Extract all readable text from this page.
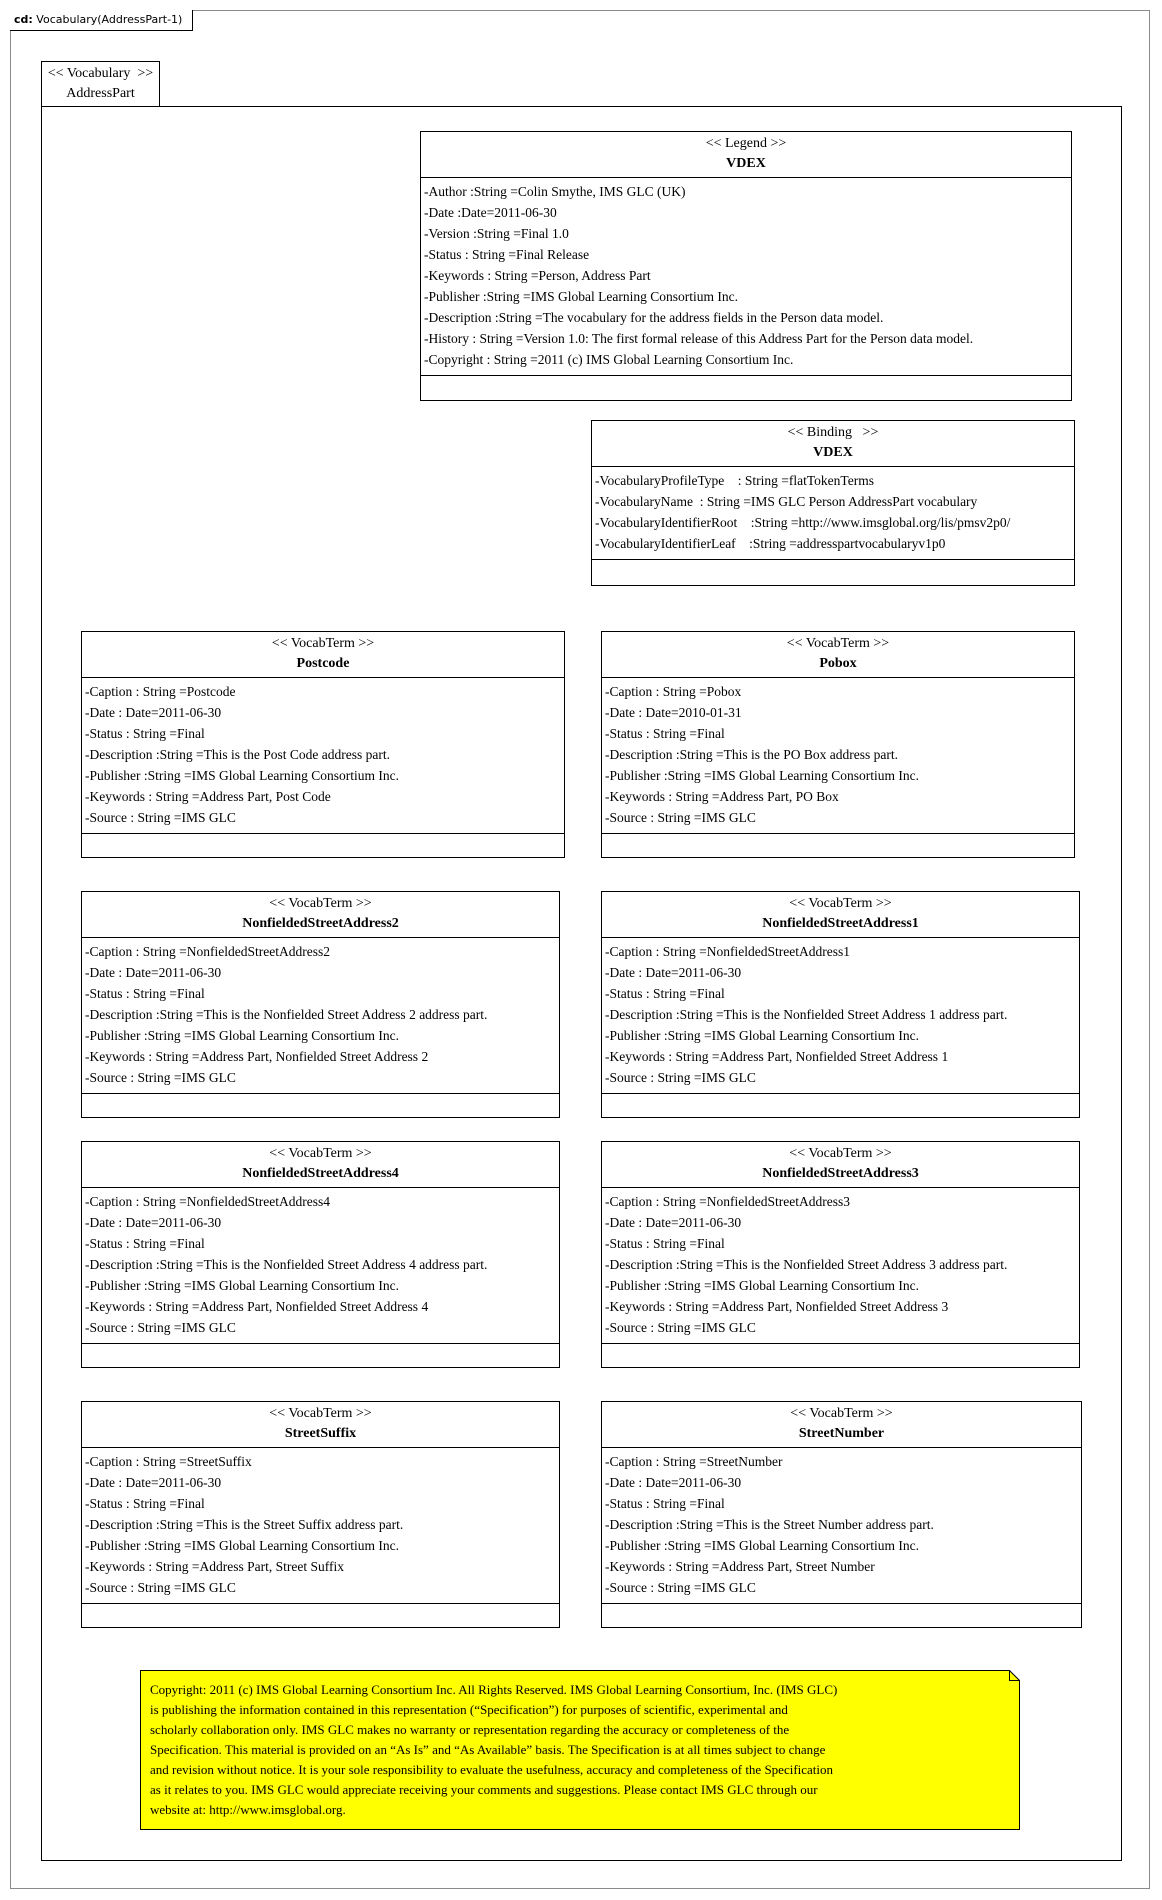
cd: Vocabulary(AddressPart-1)
<< Vocabulary  >>
AddressPart
<< Legend >>
VDEX
-Author :String =Colin Smythe, IMS GLC (UK)
-Date :Date=2011-06-30
-Version :String =Final 1.0
-Status : String =Final Release
-Keywords : String =Person, Address Part
-Publisher :String =IMS Global Learning Consortium Inc.
-Description :String =The vocabulary for the address fields in the Person data model.
-History : String =Version 1.0: The first formal release of this Address Part for the Person data model.
-Copyright : String =2011 (c) IMS Global Learning Consortium Inc.
<< Binding   >>
VDEX
-VocabularyProfileType    : String =flatTokenTerms
-VocabularyName  : String =IMS GLC Person AddressPart vocabulary
-VocabularyIdentifierRoot    :String =http://www.imsglobal.org/lis/pmsv2p0/
-VocabularyIdentifierLeaf    :String =addresspartvocabularyv1p0
<< VocabTerm >>
Postcode
-Caption : String =Postcode
-Date : Date=2011-06-30
-Status : String =Final
-Description :String =This is the Post Code address part.
-Publisher :String =IMS Global Learning Consortium Inc.
-Keywords : String =Address Part, Post Code
-Source : String =IMS GLC
<< VocabTerm >>
Pobox
-Caption : String =Pobox
-Date : Date=2010-01-31
-Status : String =Final
-Description :String =This is the PO Box address part.
-Publisher :String =IMS Global Learning Consortium Inc.
-Keywords : String =Address Part, PO Box
-Source : String =IMS GLC
<< VocabTerm >>
NonfieldedStreetAddress2
-Caption : String =NonfieldedStreetAddress2
-Date : Date=2011-06-30
-Status : String =Final
-Description :String =This is the Nonfielded Street Address 2 address part.
-Publisher :String =IMS Global Learning Consortium Inc.
-Keywords : String =Address Part, Nonfielded Street Address 2
-Source : String =IMS GLC
<< VocabTerm >>
NonfieldedStreetAddress1
-Caption : String =NonfieldedStreetAddress1
-Date : Date=2011-06-30
-Status : String =Final
-Description :String =This is the Nonfielded Street Address 1 address part.
-Publisher :String =IMS Global Learning Consortium Inc.
-Keywords : String =Address Part, Nonfielded Street Address 1
-Source : String =IMS GLC
<< VocabTerm >>
NonfieldedStreetAddress4
-Caption : String =NonfieldedStreetAddress4
-Date : Date=2011-06-30
-Status : String =Final
-Description :String =This is the Nonfielded Street Address 4 address part.
-Publisher :String =IMS Global Learning Consortium Inc.
-Keywords : String =Address Part, Nonfielded Street Address 4
-Source : String =IMS GLC
<< VocabTerm >>
NonfieldedStreetAddress3
-Caption : String =NonfieldedStreetAddress3
-Date : Date=2011-06-30
-Status : String =Final
-Description :String =This is the Nonfielded Street Address 3 address part.
-Publisher :String =IMS Global Learning Consortium Inc.
-Keywords : String =Address Part, Nonfielded Street Address 3
-Source : String =IMS GLC
<< VocabTerm >>
StreetSuffix
-Caption : String =StreetSuffix
-Date : Date=2011-06-30
-Status : String =Final
-Description :String =This is the Street Suffix address part.
-Publisher :String =IMS Global Learning Consortium Inc.
-Keywords : String =Address Part, Street Suffix
-Source : String =IMS GLC
<< VocabTerm >>
StreetNumber
-Caption : String =StreetNumber
-Date : Date=2011-06-30
-Status : String =Final
-Description :String =This is the Street Number address part.
-Publisher :String =IMS Global Learning Consortium Inc.
-Keywords : String =Address Part, Street Number
-Source : String =IMS GLC
Copyright: 2011 (c) IMS Global Learning Consortium Inc. All Rights Reserved. IMS Global Learning Consortium, Inc. (IMS GLC)
is publishing the information contained in this representation (“Specification”) for purposes of scientific, experimental and
scholarly collaboration only. IMS GLC makes no warranty or representation regarding the accuracy or completeness of the
Specification. This material is provided on an “As Is” and “As Available” basis. The Specification is at all times subject to change
and revision without notice. It is your sole responsibility to evaluate the usefulness, accuracy and completeness of the Specification
as it relates to you. IMS GLC would appreciate receiving your comments and suggestions. Please contact IMS GLC through our
website at: http://www.imsglobal.org.
